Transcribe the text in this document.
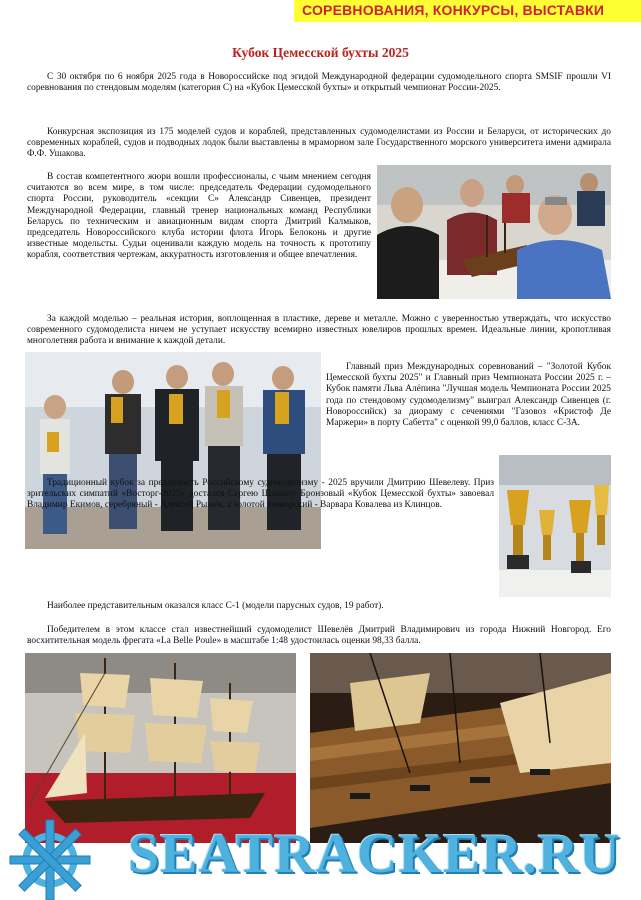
СОРЕВНОВАНИЯ, КОНКУРСЫ, ВЫСТАВКИ
Кубок Цемесской бухты 2025

С 30 октября по 6 ноября 2025 года в Новороссийске под эгидой Международной федерации судомодельного спорта SMSIF прошли VI соревнования по стендовым моделям (категория С) на «Кубок Цемесской бухты» и открытый чемпионат России-2025.

Конкурсная экспозиция из 175 моделей судов и кораблей, представленных судомоделистами из России и Беларуси, от исторических до современных кораблей, судов и подводных лодок были выставлены в мраморном зале Государственного морского университета имени адмирала Ф.Ф. Ушакова.

В состав компетентного жюри вошли профессионалы, с чьим мнением сегодня считаются во всем мире, в том числе: председатель Федерации судомодельного спорта России, руководитель «секции С» Александр Сивенцев, президент Международной Федерации, главный тренер национальных команд Республики Беларусь по техническим и авиационным видам спорта Дмитрий Калмыков, председатель Новороссийского клуба истории флота Игорь Белоконь и другие известные модельсты. Судьи оценивали каждую модель на точность к прототипу корабля, соответствия чертежам, аккуратность изготовления и общее впечатления.

За каждой моделью – реальная история, воплощенная в пластике, дереве и металле. Можно с уверенностью утверждать, что искусство современного судомоделиста ничем не уступает искусству всемирно известных ювелиров прошлых времен. Идеальные линии, кропотливая многолетняя работа и внимание к каждой детали.

Главный приз Международных соревнований – "Золотой Кубок Цемесской бухты 2025" и Главный приз Чемпионата России 2025 г. – Кубок памяти Льва Алёпина "Лучшая модель Чемпионата России 2025 года по стендовому судомоделизму" выиграл Александр Сивенцев (г. Новороссийск) за диораму с сечениями "Газовоз «Кристоф Де Маржери» в порту Сабетта" с оценкой 99,0 баллов, класс С-3А.

Традиционный кубок за преданность Российскому судомоделизму - 2025 вручили Дмитрию Шевелеву. Приз зрительских симпатий «Восторг-2025» достался Сергею Шикину. Бронзовый «Кубок Цемесской бухты» завоевал Владимир Екимов, серебряный - Алексей Рыжёв, а золотой юниорский - Варвара Ковалева из Клинцов.

Наиболее представительным оказался класс С-1 (модели парусных судов, 19 работ).

Победителем в этом классе стал известнейший судомоделист Шевелёв Дмитрий Владимирович из города Нижний Новгород. Его восхитительная модель фрегата «La Belle Poule» в масштабе 1:48 удостоилась оценки 98,33 балла.

SEATRACKER.RU
